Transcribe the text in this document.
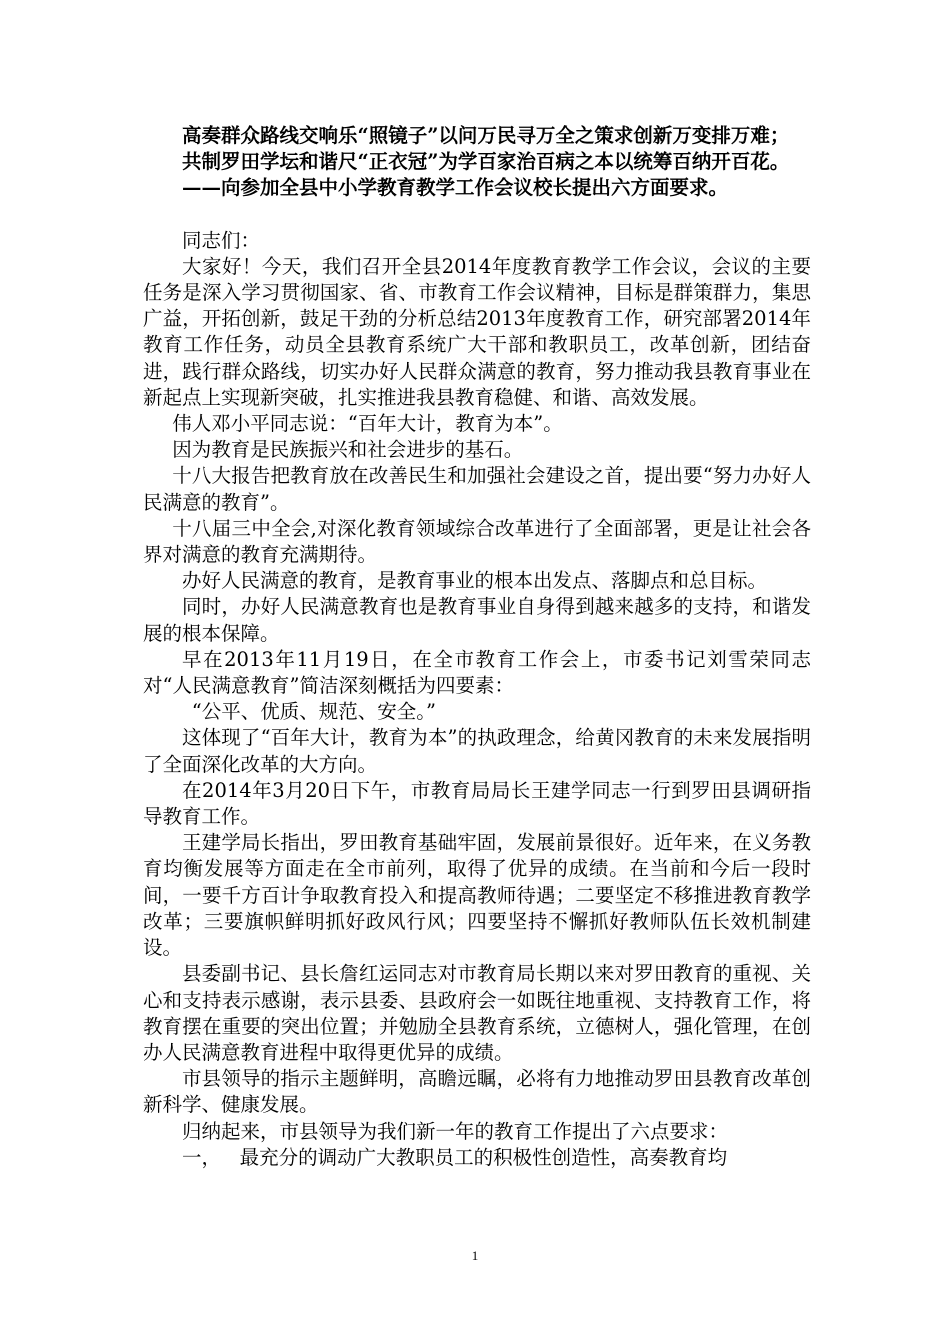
高奏群众路线交响乐“照镜子”以问万民寻万全之策求创新万变排万难；

共制罗田学坛和谐尺“正衣冠”为学百家治百病之本以统筹百纳开百花。

——向参加全县中小学教育教学工作会议校长提出六方面要求。

同志们：

大家好！今天，我们召开全县2014年度教育教学工作会议，会议的主要任务是深入学习贯彻国家、省、市教育工作会议精神，目标是群策群力，集思广益，开拓创新，鼓足干劲的分析总结2013年度教育工作，研究部署2014年教育工作任务，动员全县教育系统广大干部和教职员工，改革创新，团结奋进，践行群众路线，切实办好人民群众满意的教育，努力推动我县教育事业在新起点上实现新突破，扎实推进我县教育稳健、和谐、高效发展。

伟人邓小平同志说：“百年大计，教育为本”。

因为教育是民族振兴和社会进步的基石。

十八大报告把教育放在改善民生和加强社会建设之首，提出要“努力办好人民满意的教育”。

十八届三中全会,对深化教育领域综合改革进行了全面部署，更是让社会各界对满意的教育充满期待。

办好人民满意的教育，是教育事业的根本出发点、落脚点和总目标。

同时，办好人民满意教育也是教育事业自身得到越来越多的支持，和谐发展的根本保障。

早在2013年11月19日，在全市教育工作会上，市委书记刘雪荣同志对“人民满意教育”简洁深刻概括为四要素：

“公平、优质、规范、安全。”

这体现了“百年大计，教育为本”的执政理念，给黄冈教育的未来发展指明了全面深化改革的大方向。

在2014年3月20日下午，市教育局局长王建学同志一行到罗田县调研指导教育工作。

王建学局长指出，罗田教育基础牢固，发展前景很好。近年来，在义务教育均衡发展等方面走在全市前列，取得了优异的成绩。在当前和今后一段时间，一要千方百计争取教育投入和提高教师待遇；二要坚定不移推进教育教学改革；三要旗帜鲜明抓好政风行风；四要坚持不懈抓好教师队伍长效机制建设。

县委副书记、县长詹红运同志对市教育局长期以来对罗田教育的重视、关心和支持表示感谢，表示县委、县政府会一如既往地重视、支持教育工作，将教育摆在重要的突出位置；并勉励全县教育系统，立德树人，强化管理，在创办人民满意教育进程中取得更优异的成绩。

市县领导的指示主题鲜明，高瞻远瞩，必将有力地推动罗田县教育改革创新科学、健康发展。

归纳起来，市县领导为我们新一年的教育工作提出了六点要求：

一，   最充分的调动广大教职员工的积极性创造性，高奏教育均

1
